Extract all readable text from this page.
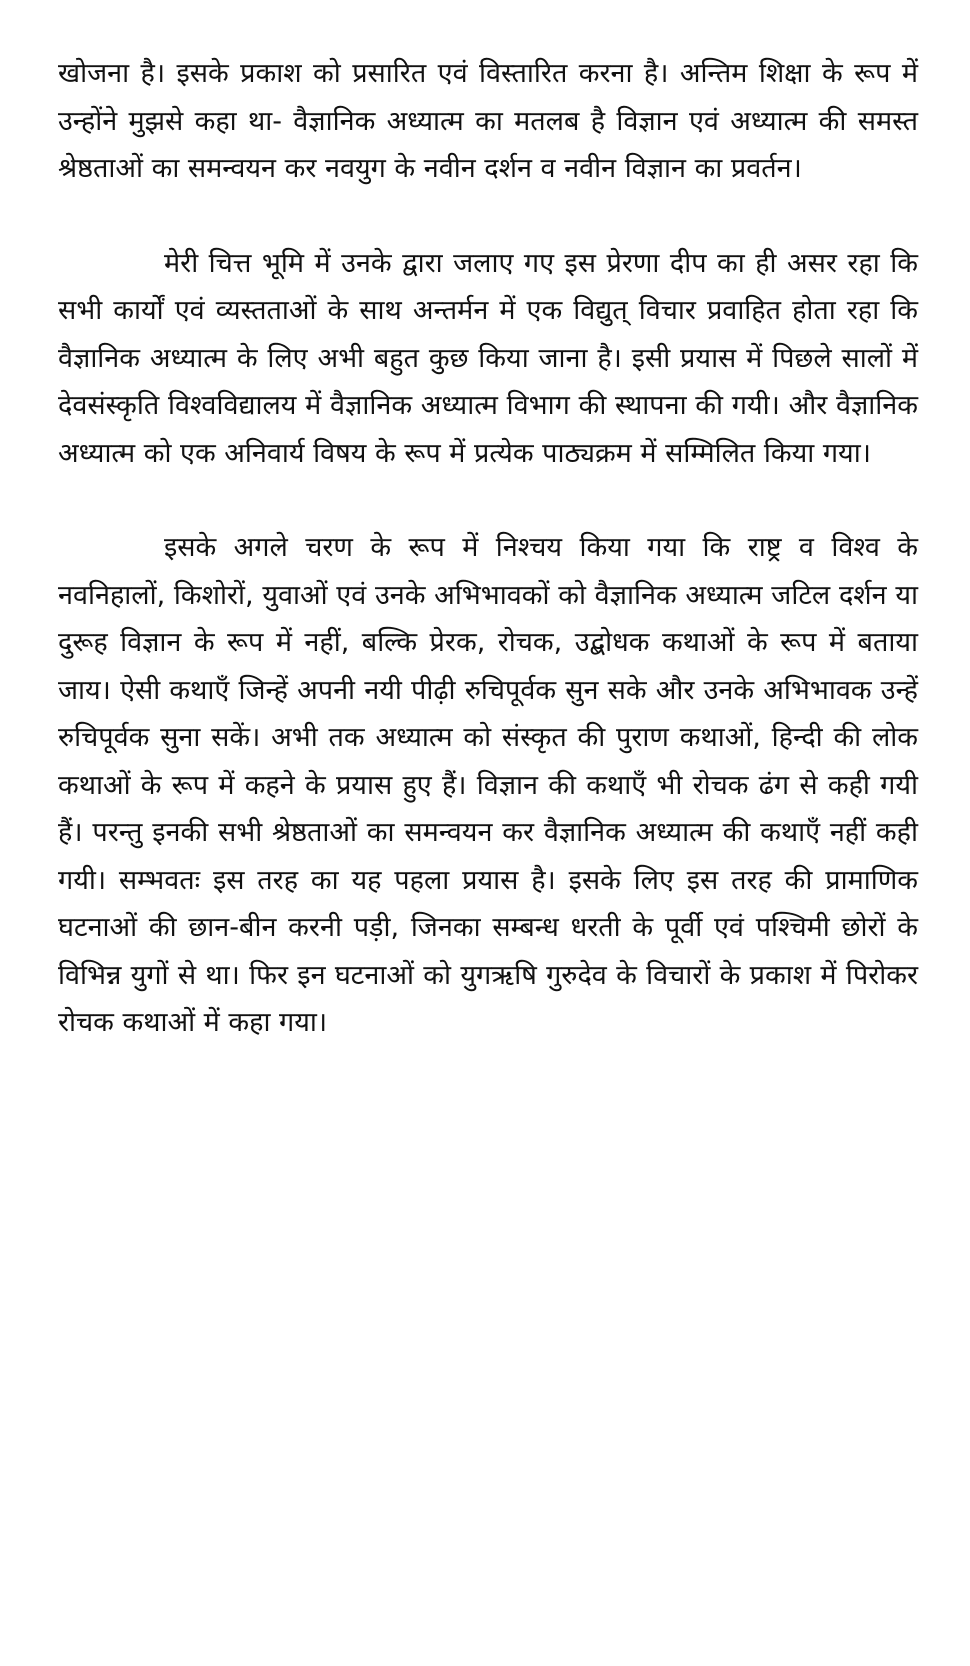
खोजना है। इसके प्रकाश को प्रसारित एवं विस्तारित करना है। अन्तिम शिक्षा के रूप में उन्होंने मुझसे कहा था- वैज्ञानिक अध्यात्म का मतलब है विज्ञान एवं अध्यात्म की समस्त श्रेष्ठताओं का समन्वयन कर नवयुग के नवीन दर्शन व नवीन विज्ञान का प्रवर्तन।

मेरी चित्त भूमि में उनके द्वारा जलाए गए इस प्रेरणा दीप का ही असर रहा कि सभी कार्यों एवं व्यस्तताओं के साथ अन्तर्मन में एक विद्युत् विचार प्रवाहित होता रहा कि वैज्ञानिक अध्यात्म के लिए अभी बहुत कुछ किया जाना है। इसी प्रयास में पिछले सालों में देवसंस्कृति विश्वविद्यालय में वैज्ञानिक अध्यात्म विभाग की स्थापना की गयी। और वैज्ञानिक अध्यात्म को एक अनिवार्य विषय के रूप में प्रत्येक पाठ्यक्रम में सम्मिलित किया गया।

इसके अगले चरण के रूप में निश्चय किया गया कि राष्ट्र व विश्व के नवनिहालों, किशोरों, युवाओं एवं उनके अभिभावकों को वैज्ञानिक अध्यात्म जटिल दर्शन या दुरूह विज्ञान के रूप में नहीं, बल्कि प्रेरक, रोचक, उद्बोधक कथाओं के रूप में बताया जाय। ऐसी कथाएँ जिन्हें अपनी नयी पीढ़ी रुचिपूर्वक सुन सके और उनके अभिभावक उन्हें रुचिपूर्वक सुना सकें। अभी तक अध्यात्म को संस्कृत की पुराण कथाओं, हिन्दी की लोक कथाओं के रूप में कहने के प्रयास हुए हैं। विज्ञान की कथाएँ भी रोचक ढंग से कही गयी हैं। परन्तु इनकी सभी श्रेष्ठताओं का समन्वयन कर वैज्ञानिक अध्यात्म की कथाएँ नहीं कही गयी। सम्भवतः इस तरह का यह पहला प्रयास है। इसके लिए इस तरह की प्रामाणिक घटनाओं की छान-बीन करनी पड़ी, जिनका सम्बन्ध धरती के पूर्वी एवं पश्चिमी छोरों के विभिन्न युगों से था। फिर इन घटनाओं को युगऋषि गुरुदेव के विचारों के प्रकाश में पिरोकर रोचक कथाओं में कहा गया।
